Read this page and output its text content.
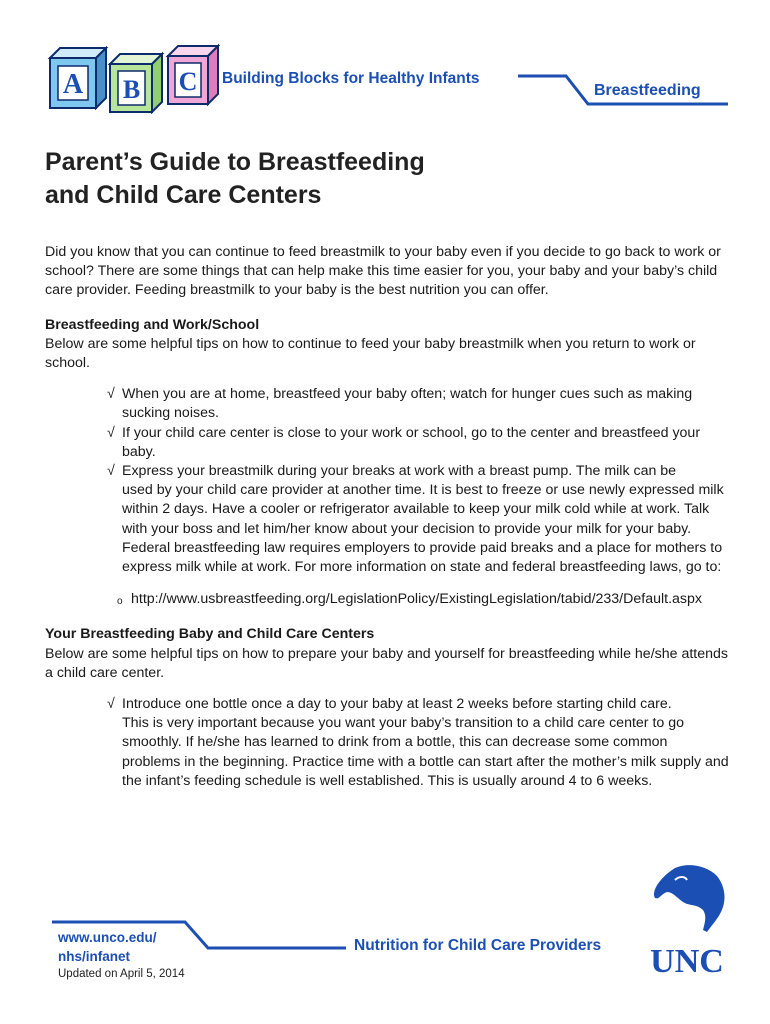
A B C Building Blocks for Healthy Infants
Breastfeeding
Parent’s Guide to Breastfeeding
and Child Care Centers

Did you know that you can continue to feed breastmilk to your baby even if you decide to go back to work or school? There are some things that can help make this time easier for you, your baby and your baby’s child care provider. Feeding breastmilk to your baby is the best nutrition you can offer.

Breastfeeding and Work/School

Below are some helpful tips on how to continue to feed your baby breastmilk when you return to work or school.

√ When you are at home, breastfeed your baby often; watch for hunger cues such as making
sucking noises.
√ If your child care center is close to your work or school, go to the center and breastfeed your
baby.
√ Express your breastmilk during your breaks at work with a breast pump. The milk can be
used by your child care provider at another time. It is best to freeze or use newly expressed milk within 2 days. Have a cooler or refrigerator available to keep your milk cold while at work. Talk with your boss and let him/her know about your decision to provide your milk for your baby. Federal breastfeeding law requires employers to provide paid breaks and a place for mothers to express milk while at work. For more information on state and federal breastfeeding laws, go to:
o http://www.usbreastfeeding.org/LegislationPolicy/ExistingLegislation/tabid/233/Default.aspx
Your Breastfeeding Baby and Child Care Centers

Below are some helpful tips on how to prepare your baby and yourself for breastfeeding while he/she attends a child care center.

√ Introduce one bottle once a day to your baby at least 2 weeks before starting child care.
This is very important because you want your baby’s transition to a child care center to go smoothly. If he/she has learned to drink from a bottle, this can decrease some common problems in the beginning. Practice time with a bottle can start after the mother’s milk supply and the infant’s feeding schedule is well established. This is usually around 4 to 6 weeks.
www.unco.edu/
nhs/infanet
Updated on April 5, 2014
Nutrition for Child Care Providers UNC
